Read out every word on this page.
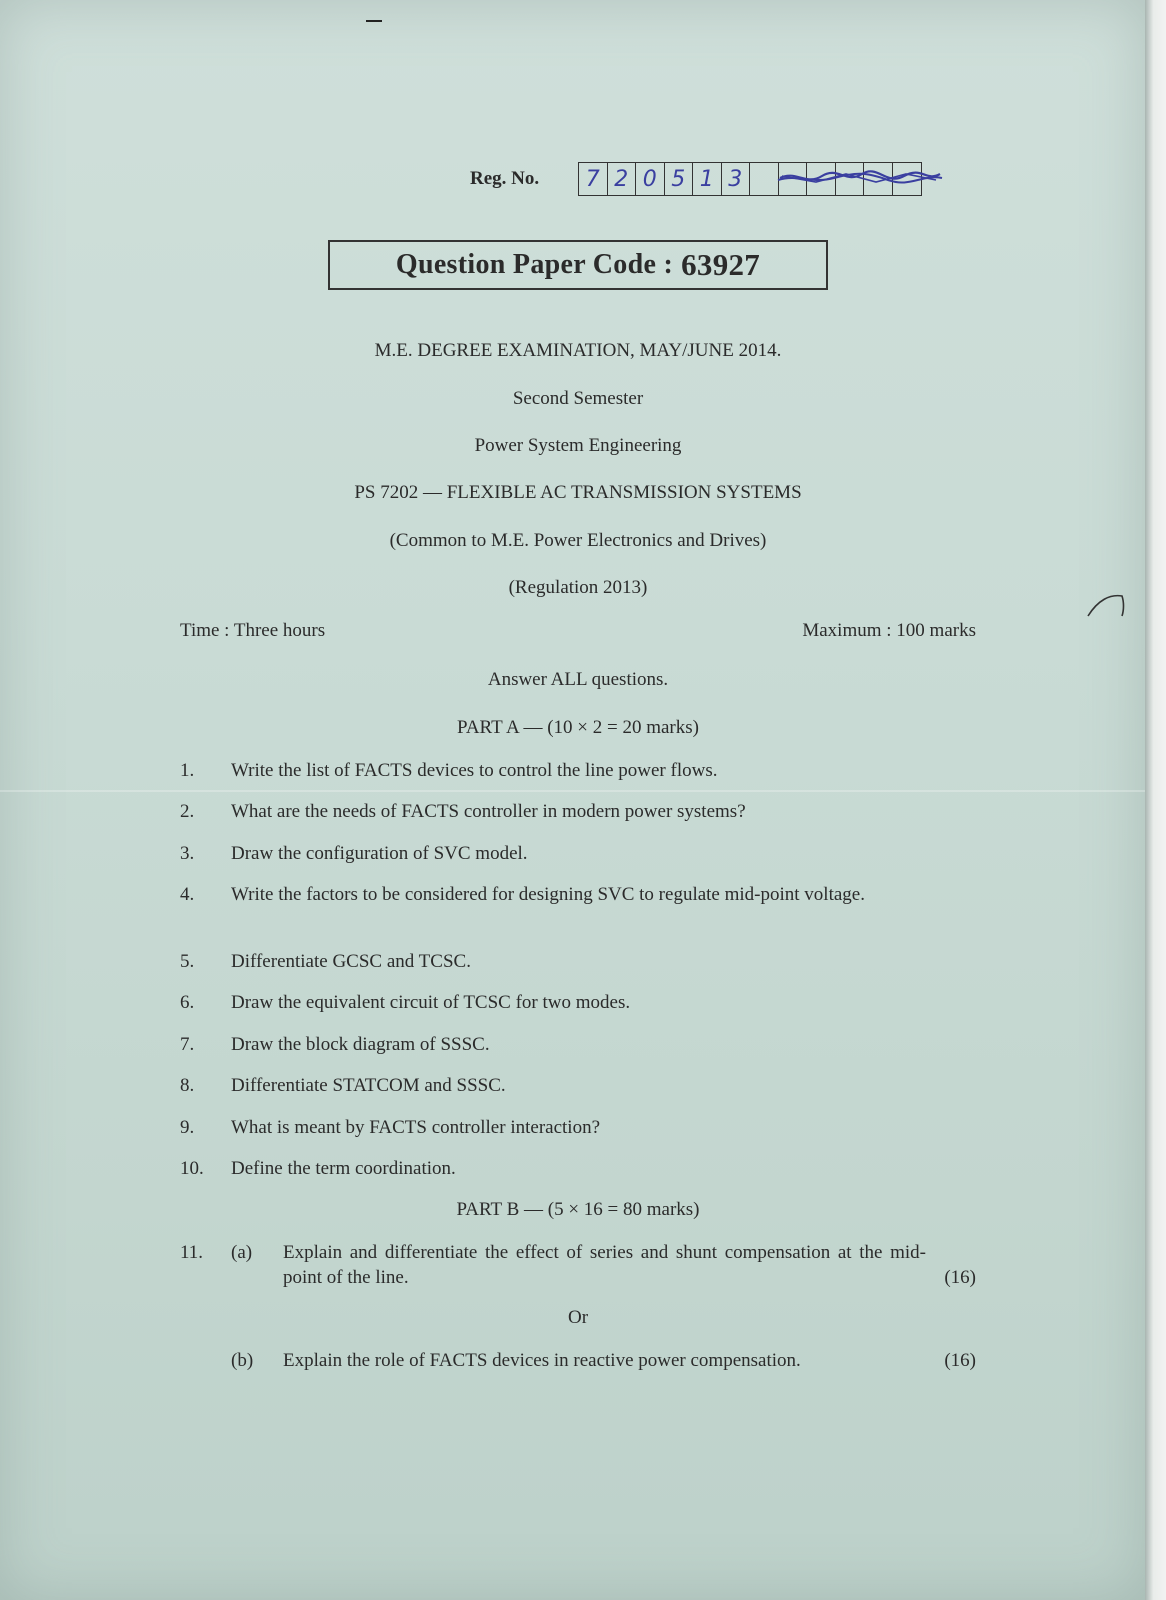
Reg. No.	7 2 0 5 1 3
Question Paper Code : 63927
M.E. DEGREE EXAMINATION, MAY/JUNE 2014.
Second Semester
Power System Engineering
PS 7202 — FLEXIBLE AC TRANSMISSION SYSTEMS
(Common to M.E. Power Electronics and Drives)
(Regulation 2013)
Time : Three hours	Maximum : 100 marks
Answer ALL questions.
PART A — (10 × 2 = 20 marks)
1.	Write the list of FACTS devices to control the line power flows.
2.	What are the needs of FACTS controller in modern power systems?
3.	Draw the configuration of SVC model.
4.	Write the factors to be considered for designing SVC to regulate mid-point voltage.
5.	Differentiate GCSC and TCSC.
6.	Draw the equivalent circuit of TCSC for two modes.
7.	Draw the block diagram of SSSC.
8.	Differentiate STATCOM and SSSC.
9.	What is meant by FACTS controller interaction?
10.	Define the term coordination.
PART B — (5 × 16 = 80 marks)
11.	(a)	Explain and differentiate the effect of series and shunt compensation at the mid-point of the line.	(16)
Or
(b)	Explain the role of FACTS devices in reactive power compensation.	(16)
